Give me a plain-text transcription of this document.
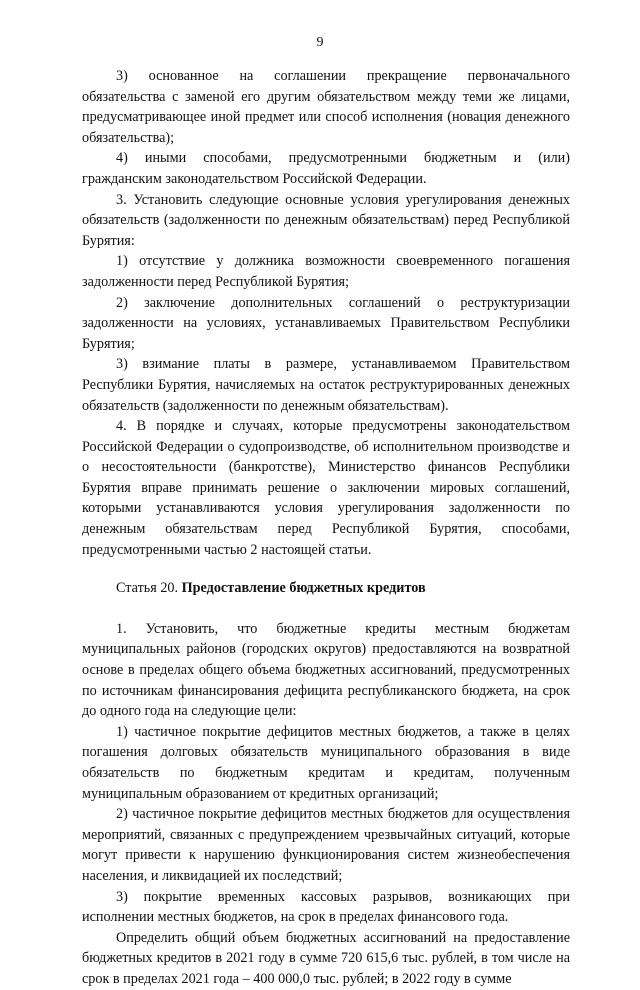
9

3) основанное на соглашении прекращение первоначального обязательства с заменой его другим обязательством между теми же лицами, предусматривающее иной предмет или способ исполнения (новация денежного обязательства);

4) иными способами, предусмотренными бюджетным и (или) гражданским законодательством Российской Федерации.

3. Установить следующие основные условия урегулирования денежных обязательств (задолженности по денежным обязательствам) перед Республикой Бурятия:

1) отсутствие у должника возможности своевременного погашения задолженности перед Республикой Бурятия;

2) заключение дополнительных соглашений о реструктуризации задолженности на условиях, устанавливаемых Правительством Республики Бурятия;

3) взимание платы в размере, устанавливаемом Правительством Республики Бурятия, начисляемых на остаток реструктурированных денежных обязательств (задолженности по денежным обязательствам).

4. В порядке и случаях, которые предусмотрены законодательством Российской Федерации о судопроизводстве, об исполнительном производстве и о несостоятельности (банкротстве), Министерство финансов Республики Бурятия вправе принимать решение о заключении мировых соглашений, которыми устанавливаются условия урегулирования задолженности по денежным обязательствам перед Республикой Бурятия, способами, предусмотренными частью 2 настоящей статьи.

Статья 20. Предоставление бюджетных кредитов

1. Установить, что бюджетные кредиты местным бюджетам муниципальных районов (городских округов) предоставляются на возвратной основе в пределах общего объема бюджетных ассигнований, предусмотренных по источникам финансирования дефицита республиканского бюджета, на срок до одного года на следующие цели:

1) частичное покрытие дефицитов местных бюджетов, а также в целях погашения долговых обязательств муниципального образования в виде обязательств по бюджетным кредитам и кредитам, полученным муниципальным образованием от кредитных организаций;

2) частичное покрытие дефицитов местных бюджетов для осуществления мероприятий, связанных с предупреждением чрезвычайных ситуаций, которые могут привести к нарушению функционирования систем жизнеобеспечения населения, и ликвидацией их последствий;

3) покрытие временных кассовых разрывов, возникающих при исполнении местных бюджетов, на срок в пределах финансового года.

Определить общий объем бюджетных ассигнований на предоставление бюджетных кредитов в 2021 году в сумме 720 615,6 тыс. рублей, в том числе на срок в пределах 2021 года – 400 000,0 тыс. рублей; в 2022 году в сумме
